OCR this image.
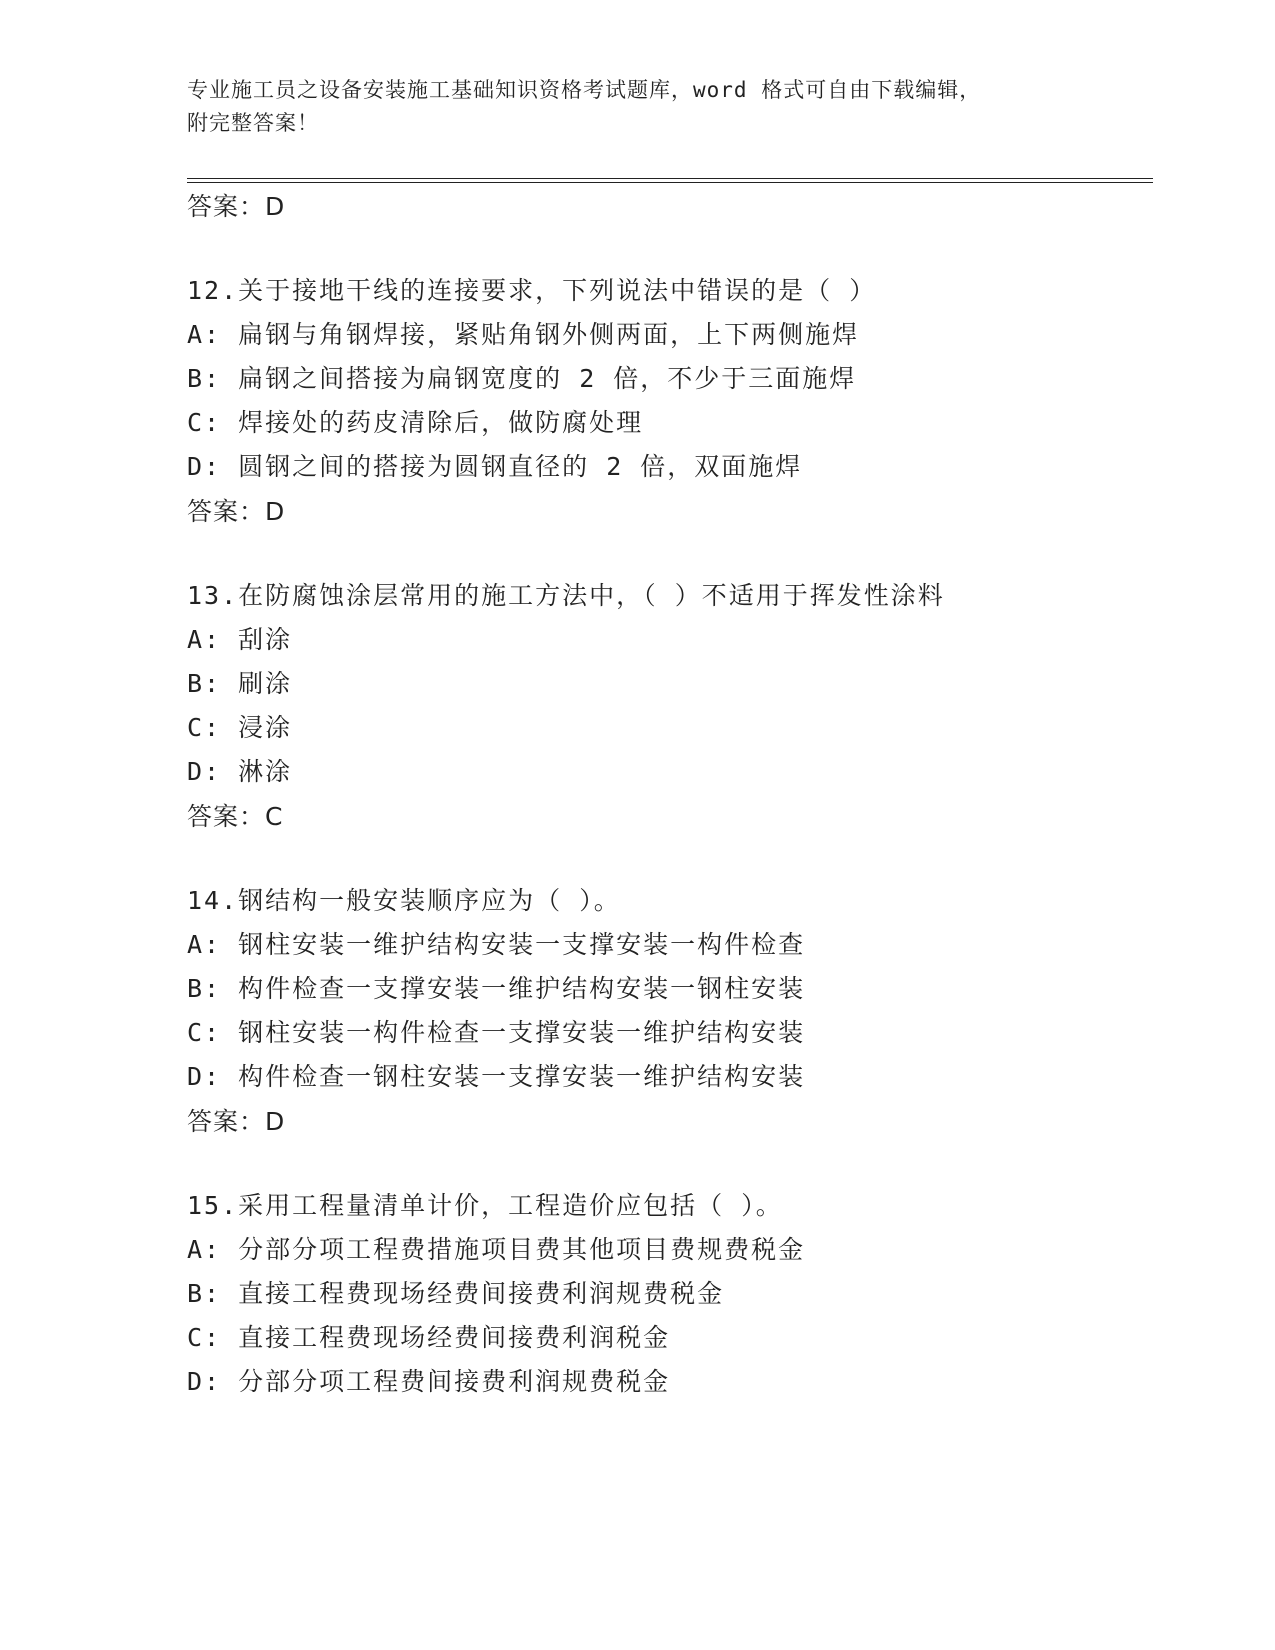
专业施工员之设备安装施工基础知识资格考试题库，word 格式可自由下载编辑，
附完整答案！
答案：D
12.关于接地干线的连接要求，下列说法中错误的是（ ）
A: 扁钢与角钢焊接，紧贴角钢外侧两面，上下两侧施焊
B: 扁钢之间搭接为扁钢宽度的 2 倍，不少于三面施焊
C: 焊接处的药皮清除后，做防腐处理
D: 圆钢之间的搭接为圆钢直径的 2 倍，双面施焊
答案：D
13.在防腐蚀涂层常用的施工方法中，（ ）不适用于挥发性涂料
A: 刮涂
B: 刷涂
C: 浸涂
D: 淋涂
答案：C
14.钢结构一般安装顺序应为（ ）。
A: 钢柱安装一维护结构安装一支撑安装一构件检查
B: 构件检查一支撑安装一维护结构安装一钢柱安装
C: 钢柱安装一构件检查一支撑安装一维护结构安装
D: 构件检查一钢柱安装一支撑安装一维护结构安装
答案：D
15.采用工程量清单计价，工程造价应包括（ ）。
A: 分部分项工程费措施项目费其他项目费规费税金
B: 直接工程费现场经费间接费利润规费税金
C: 直接工程费现场经费间接费利润税金
D: 分部分项工程费间接费利润规费税金
